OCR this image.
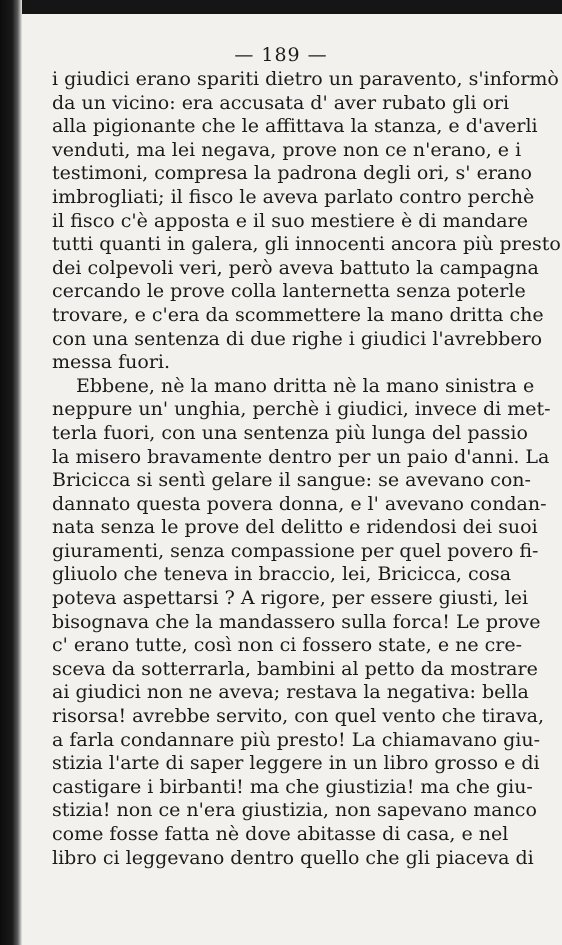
— 189 —

i giudici erano spariti dietro un paravento, s'informò
da un vicino: era accusata d' aver rubato gli ori
alla pigionante che le affittava la stanza, e d'averli
venduti, ma lei negava, prove non ce n'erano, e i
testimoni, compresa la padrona degli ori, s' erano
imbrogliati; il fisco le aveva parlato contro perchè
il fisco c'è apposta e il suo mestiere è di mandare
tutti quanti in galera, gli innocenti ancora più presto
dei colpevoli veri, però aveva battuto la campagna
cercando le prove colla lanternetta senza poterle
trovare, e c'era da scommettere la mano dritta che
con una sentenza di due righe i giudici l'avrebbero
messa fuori.

Ebbene, nè la mano dritta nè la mano sinistra e
neppure un' unghia, perchè i giudici, invece di met-
terla fuori, con una sentenza più lunga del passio
la misero bravamente dentro per un paio d'anni. La
Bricicca si sentì gelare il sangue: se avevano con-
dannato questa povera donna, e l' avevano condan-
nata senza le prove del delitto e ridendosi dei suoi
giuramenti, senza compassione per quel povero fi-
gliuolo che teneva in braccio, lei, Bricicca, cosa
poteva aspettarsi ? A rigore, per essere giusti, lei
bisognava che la mandassero sulla forca! Le prove
c' erano tutte, così non ci fossero state, e ne cre-
sceva da sotterrarla, bambini al petto da mostrare
ai giudici non ne aveva; restava la negativa: bella
risorsa! avrebbe servito, con quel vento che tirava,
a farla condannare più presto! La chiamavano giu-
stizia l'arte di saper leggere in un libro grosso e di
castigare i birbanti! ma che giustizia! ma che giu-
stizia! non ce n'era giustizia, non sapevano manco
come fosse fatta nè dove abitasse di casa, e nel
libro ci leggevano dentro quello che gli piaceva di
